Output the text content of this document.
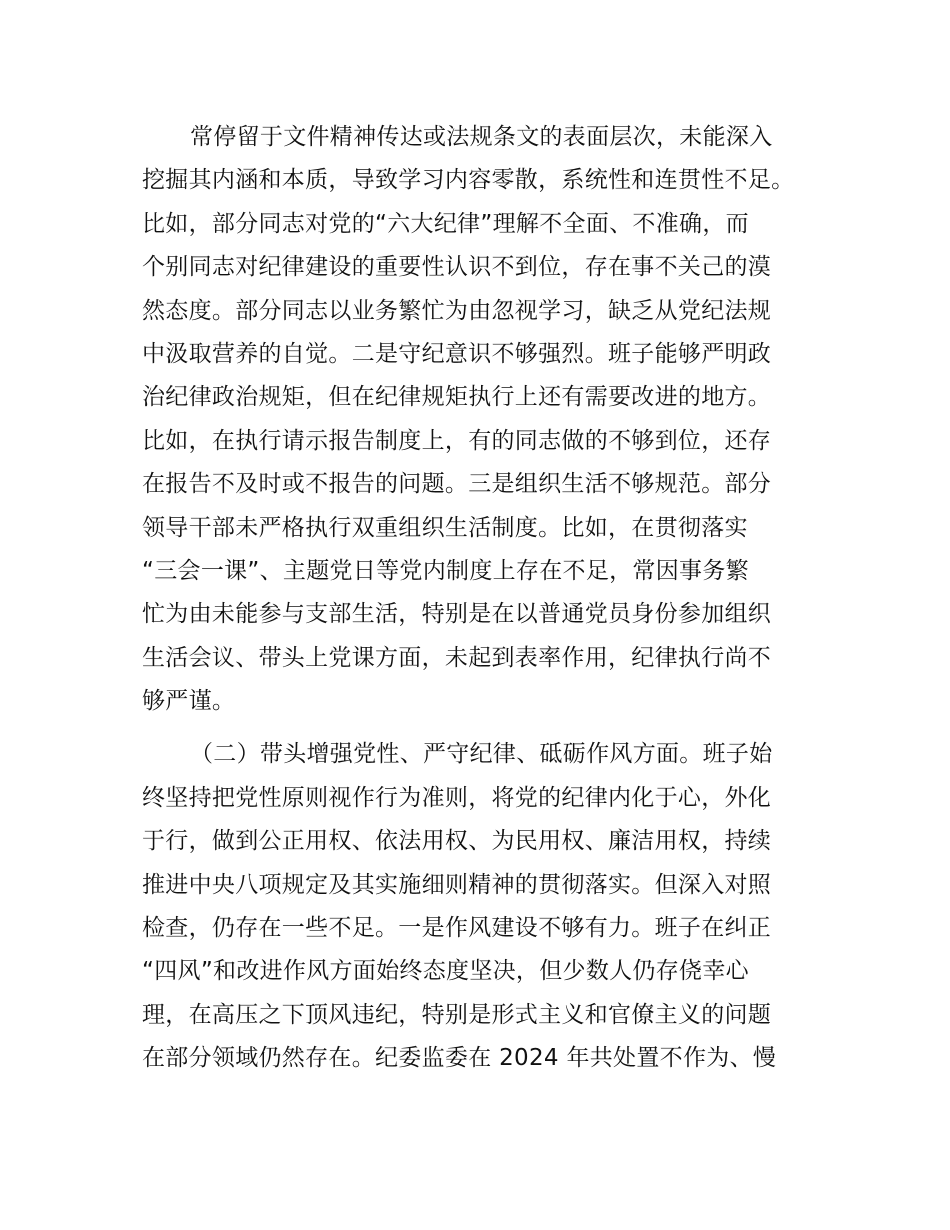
常停留于文件精神传达或法规条文的表面层次，未能深入
挖掘其内涵和本质，导致学习内容零散，系统性和连贯性不足。
比如，部分同志对党的“六大纪律”理解不全面、不准确，而
个别同志对纪律建设的重要性认识不到位，存在事不关己的漠
然态度。部分同志以业务繁忙为由忽视学习，缺乏从党纪法规
中汲取营养的自觉。二是守纪意识不够强烈。班子能够严明政
治纪律政治规矩，但在纪律规矩执行上还有需要改进的地方。
比如，在执行请示报告制度上，有的同志做的不够到位，还存
在报告不及时或不报告的问题。三是组织生活不够规范。部分
领导干部未严格执行双重组织生活制度。比如，在贯彻落实
“三会一课”、主题党日等党内制度上存在不足，常因事务繁
忙为由未能参与支部生活，特别是在以普通党员身份参加组织
生活会议、带头上党课方面，未起到表率作用，纪律执行尚不
够严谨。
（二）带头增强党性、严守纪律、砥砺作风方面。班子始
终坚持把党性原则视作行为准则，将党的纪律内化于心，外化
于行，做到公正用权、依法用权、为民用权、廉洁用权，持续
推进中央八项规定及其实施细则精神的贯彻落实。但深入对照
检查，仍存在一些不足。一是作风建设不够有力。班子在纠正
“四风”和改进作风方面始终态度坚决，但少数人仍存侥幸心
理，在高压之下顶风违纪，特别是形式主义和官僚主义的问题
在部分领域仍然存在。纪委监委在 2024 年共处置不作为、慢
